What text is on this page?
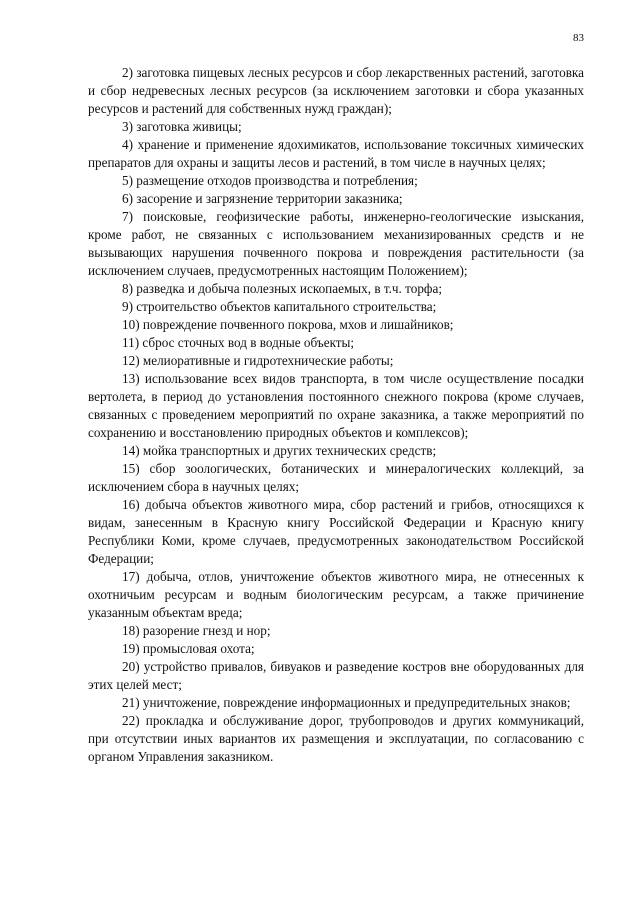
83

2) заготовка пищевых лесных ресурсов и сбор лекарственных растений, заготовка и сбор недревесных лесных ресурсов (за исключением заготовки и сбора указанных ресурсов и растений для собственных нужд граждан);

3) заготовка живицы;

4) хранение и применение ядохимикатов, использование токсичных химических препаратов для охраны и защиты лесов и растений, в том числе в научных целях;

5) размещение отходов производства и потребления;

6) засорение и загрязнение территории заказника;

7) поисковые, геофизические работы, инженерно-геологические изыскания, кроме работ, не связанных с использованием механизированных средств и не вызывающих нарушения почвенного покрова и повреждения растительности (за исключением случаев, предусмотренных настоящим Положением);

8) разведка и добыча полезных ископаемых, в т.ч. торфа;

9) строительство объектов капитального строительства;

10) повреждение почвенного покрова, мхов и лишайников;

11) сброс сточных вод в водные объекты;

12) мелиоративные и гидротехнические работы;

13) использование всех видов транспорта, в том числе осуществление посадки вертолета, в период до установления постоянного снежного покрова (кроме случаев, связанных с проведением мероприятий по охране заказника, а также мероприятий по сохранению и восстановлению природных объектов и комплексов);

14) мойка транспортных и других технических средств;

15) сбор зоологических, ботанических и минералогических коллекций, за исключением сбора в научных целях;

16) добыча объектов животного мира, сбор растений и грибов, относящихся к видам, занесенным в Красную книгу Российской Федерации и Красную книгу Республики Коми, кроме случаев, предусмотренных законодательством Российской Федерации;

17) добыча, отлов, уничтожение объектов животного мира, не отнесенных к охотничьим ресурсам и водным биологическим ресурсам, а также причинение указанным объектам вреда;

18) разорение гнезд и нор;

19) промысловая охота;

20) устройство привалов, бивуаков и разведение костров вне оборудованных для этих целей мест;

21) уничтожение, повреждение информационных и предупредительных знаков;

22) прокладка и обслуживание дорог, трубопроводов и других коммуникаций, при отсутствии иных вариантов их размещения и эксплуатации, по согласованию с органом Управления заказником.
